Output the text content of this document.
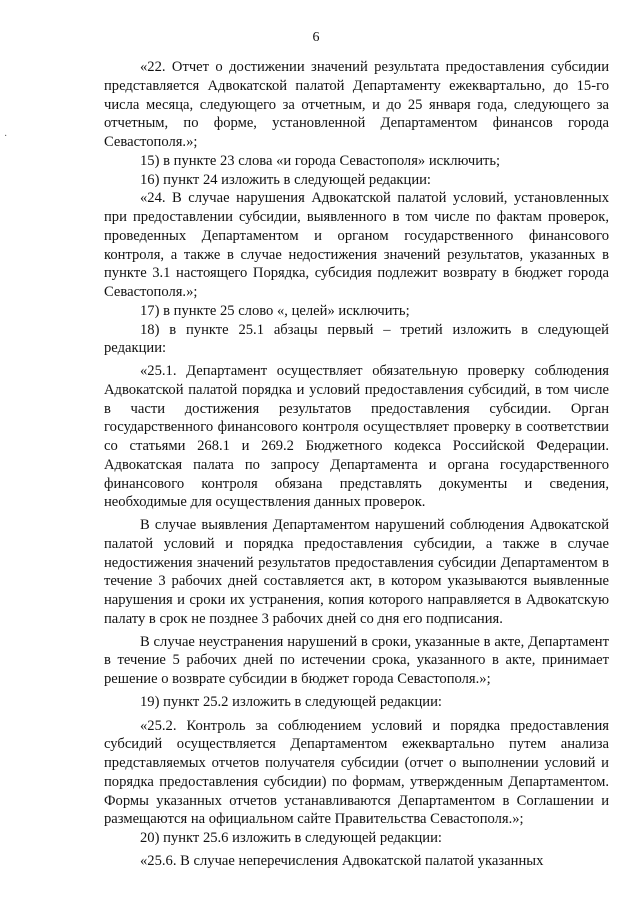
·
6

«22. Отчет о достижении значений результата предоставления субсидии представляется Адвокатской палатой Департаменту ежеквартально, до 15-го числа месяца, следующего за отчетным, и до 25 января года, следующего за отчетным, по форме, установленной Департаментом финансов города Севастополя.»;

15) в пункте 23 слова «и города Севастополя» исключить;

16) пункт 24 изложить в следующей редакции:

«24. В случае нарушения Адвокатской палатой условий, установленных при предоставлении субсидии, выявленного в том числе по фактам проверок, проведенных Департаментом и органом государственного финансового контроля, а также в случае недостижения значений результатов, указанных в пункте 3.1 настоящего Порядка, субсидия подлежит возврату в бюджет города Севастополя.»;

17) в пункте 25 слово «, целей» исключить;

18) в пункте 25.1 абзацы первый – третий изложить в следующей редакции:

«25.1. Департамент осуществляет обязательную проверку соблюдения Адвокатской палатой порядка и условий предоставления субсидий, в том числе в части достижения результатов предоставления субсидии. Орган государственного финансового контроля осуществляет проверку в соответствии со статьями 268.1 и 269.2 Бюджетного кодекса Российской Федерации. Адвокатская палата по запросу Департамента и органа государственного финансового контроля обязана представлять документы и сведения, необходимые для осуществления данных проверок.

В случае выявления Департаментом нарушений соблюдения Адвокатской палатой условий и порядка предоставления субсидии, а также в случае недостижения значений результатов предоставления субсидии Департаментом в течение 3 рабочих дней составляется акт, в котором указываются выявленные нарушения и сроки их устранения, копия которого направляется в Адвокатскую палату в срок не позднее 3 рабочих дней со дня его подписания.

В случае неустранения нарушений в сроки, указанные в акте, Департамент в течение 5 рабочих дней по истечении срока, указанного в акте, принимает решение о возврате субсидии в бюджет города Севастополя.»;

19) пункт 25.2 изложить в следующей редакции:

«25.2. Контроль за соблюдением условий и порядка предоставления субсидий осуществляется Департаментом ежеквартально путем анализа представляемых отчетов получателя субсидии (отчет о выполнении условий и порядка предоставления субсидии) по формам, утвержденным Департаментом. Формы указанных отчетов устанавливаются Департаментом в Соглашении и размещаются на официальном сайте Правительства Севастополя.»;

20) пункт 25.6 изложить в следующей редакции:

«25.6. В случае неперечисления Адвокатской палатой указанных
